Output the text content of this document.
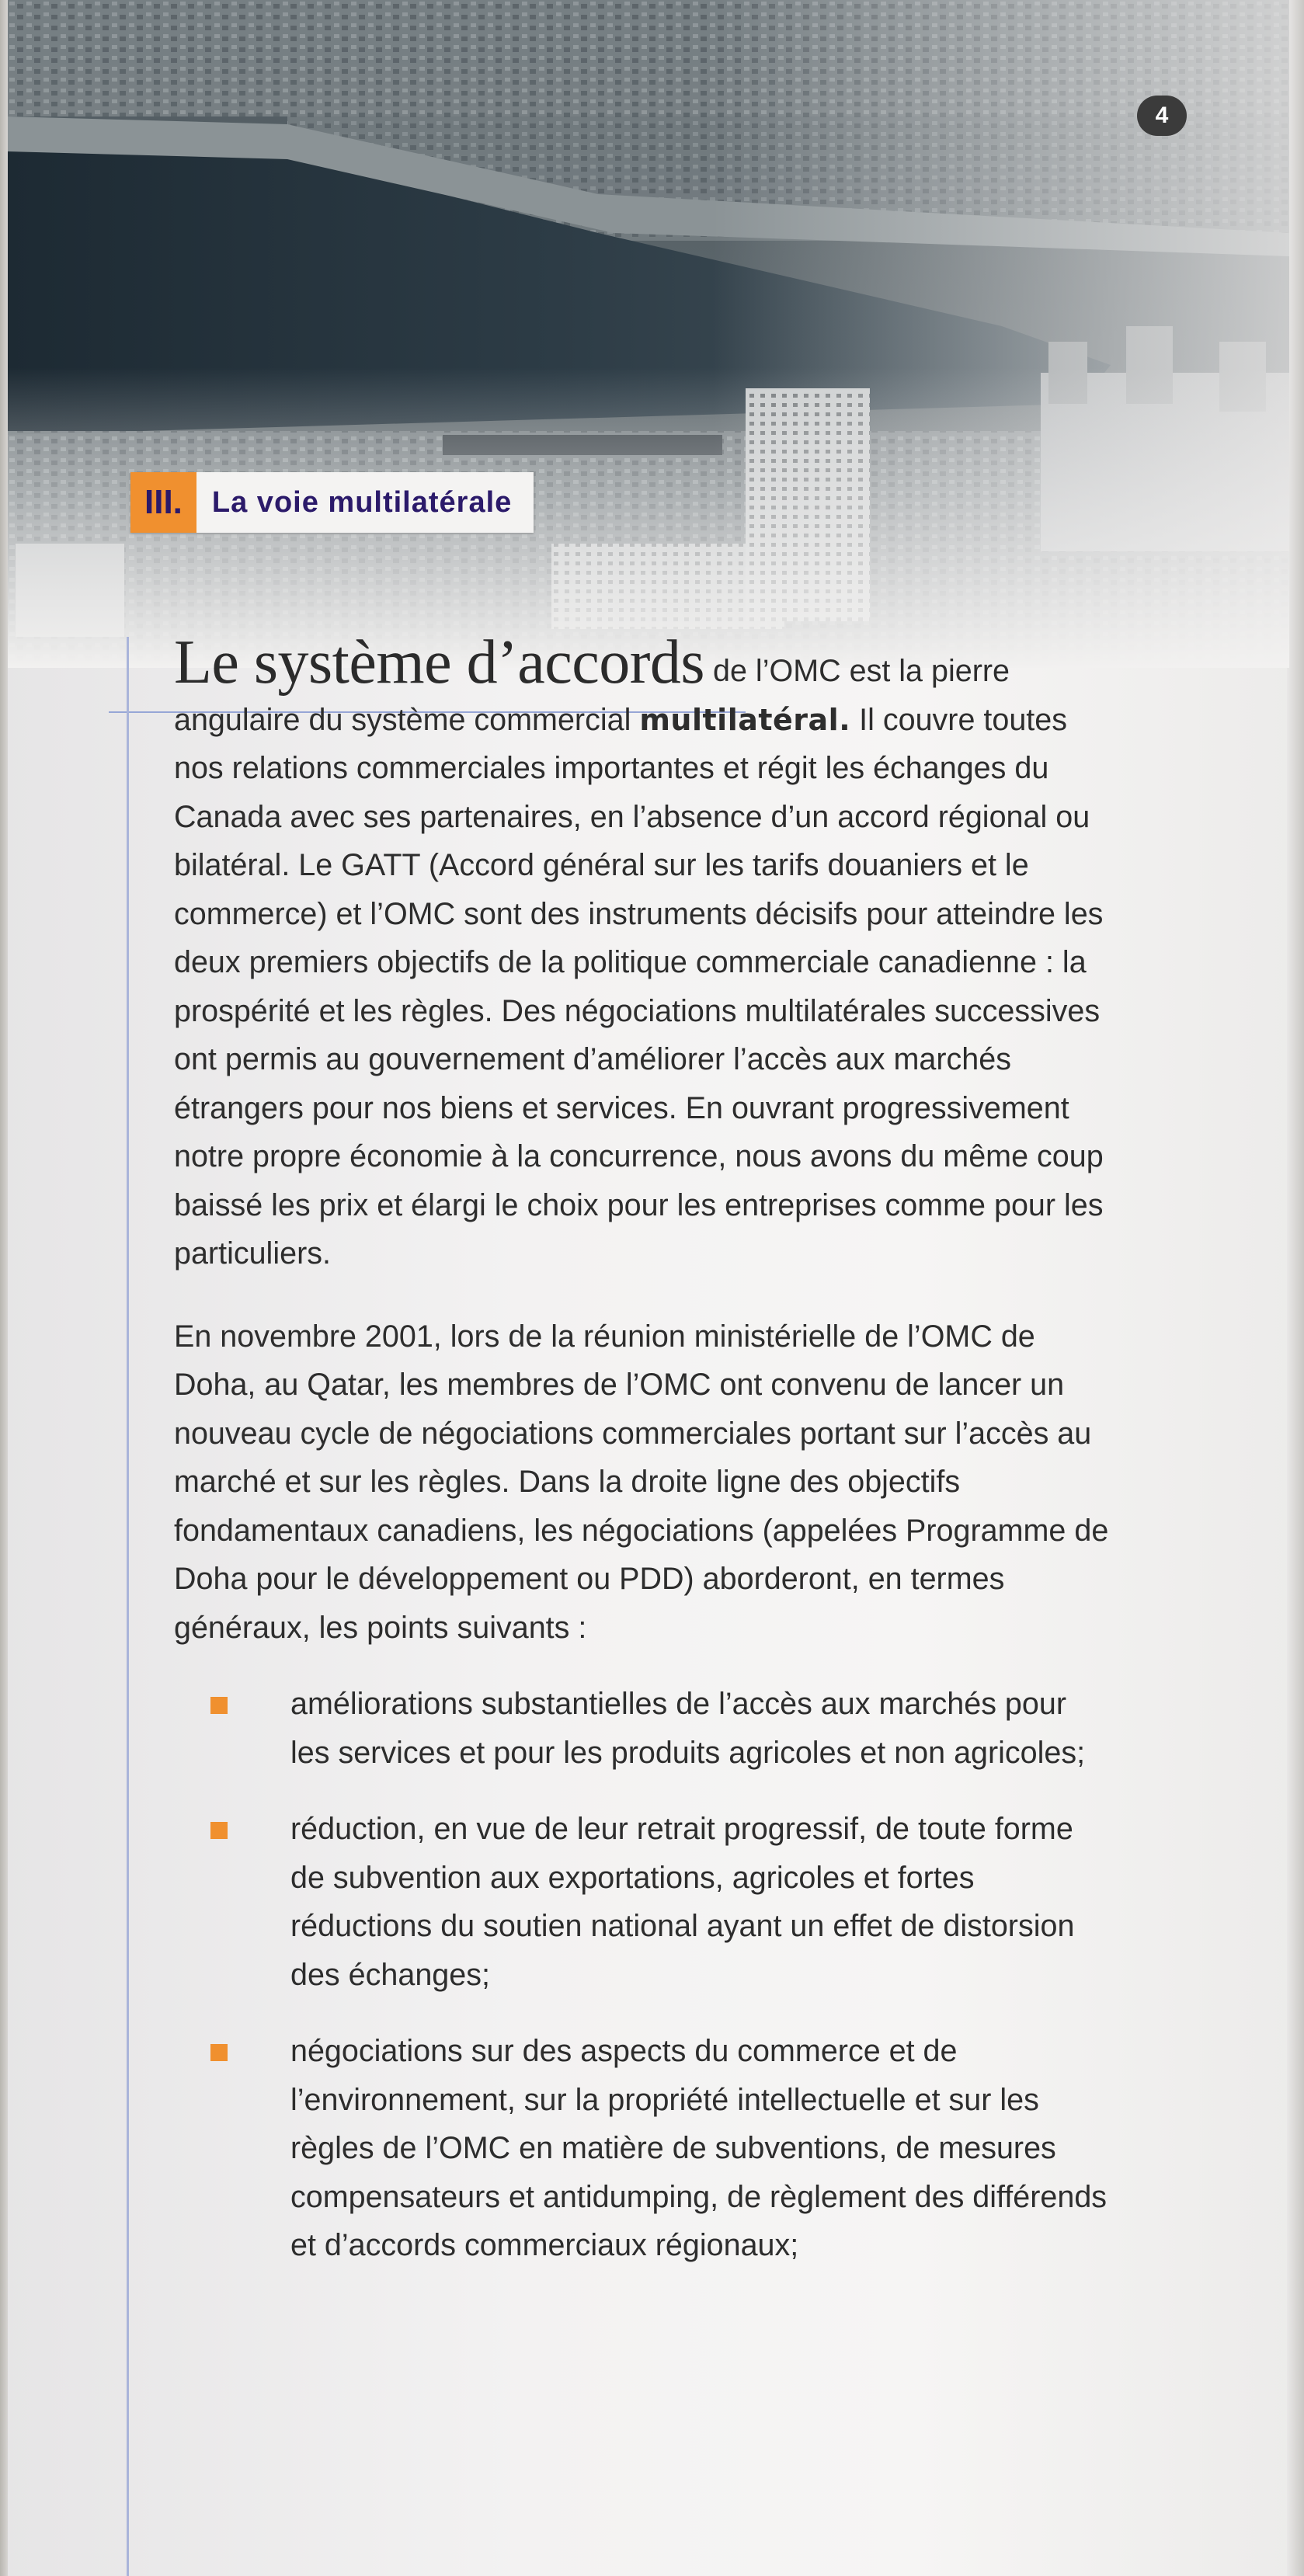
4
III.	La voie multilatérale

Le système d’accords de l’OMC est la pierre angulaire du système commercial multilatéral. Il couvre toutes nos relations commerciales importantes et régit les échanges du Canada avec ses partenaires, en l’absence d’un accord régional ou bilatéral. Le GATT (Accord général sur les tarifs douaniers et le commerce) et l’OMC sont des instruments décisifs pour atteindre les deux premiers objectifs de la politique commerciale canadienne : la prospérité et les règles. Des négociations multilatérales successives ont permis au gouvernement d’améliorer l’accès aux marchés étrangers pour nos biens et services. En ouvrant progressivement notre propre économie à la concurrence, nous avons du même coup baissé les prix et élargi le choix pour les entreprises comme pour les particuliers.

En novembre 2001, lors de la réunion ministérielle de l’OMC de Doha, au Qatar, les membres de l’OMC ont convenu de lancer un nouveau cycle de négociations commerciales portant sur l’accès au marché et sur les règles. Dans la droite ligne des objectifs fondamentaux canadiens, les négociations (appelées Programme de Doha pour le développement ou PDD) aborderont, en termes généraux, les points suivants :

améliorations substantielles de l’accès aux marchés pour les services et pour les produits agricoles et non agricoles;
réduction, en vue de leur retrait progressif, de toute forme de subvention aux exportations, agricoles et fortes réductions du soutien national ayant un effet de distorsion des échanges;
négociations sur des aspects du commerce et de l’environnement, sur la propriété intellectuelle et sur les règles de l’OMC en matière de subventions, de mesures compensateurs et antidumping, de règlement des différends et d’accords commerciaux régionaux;
